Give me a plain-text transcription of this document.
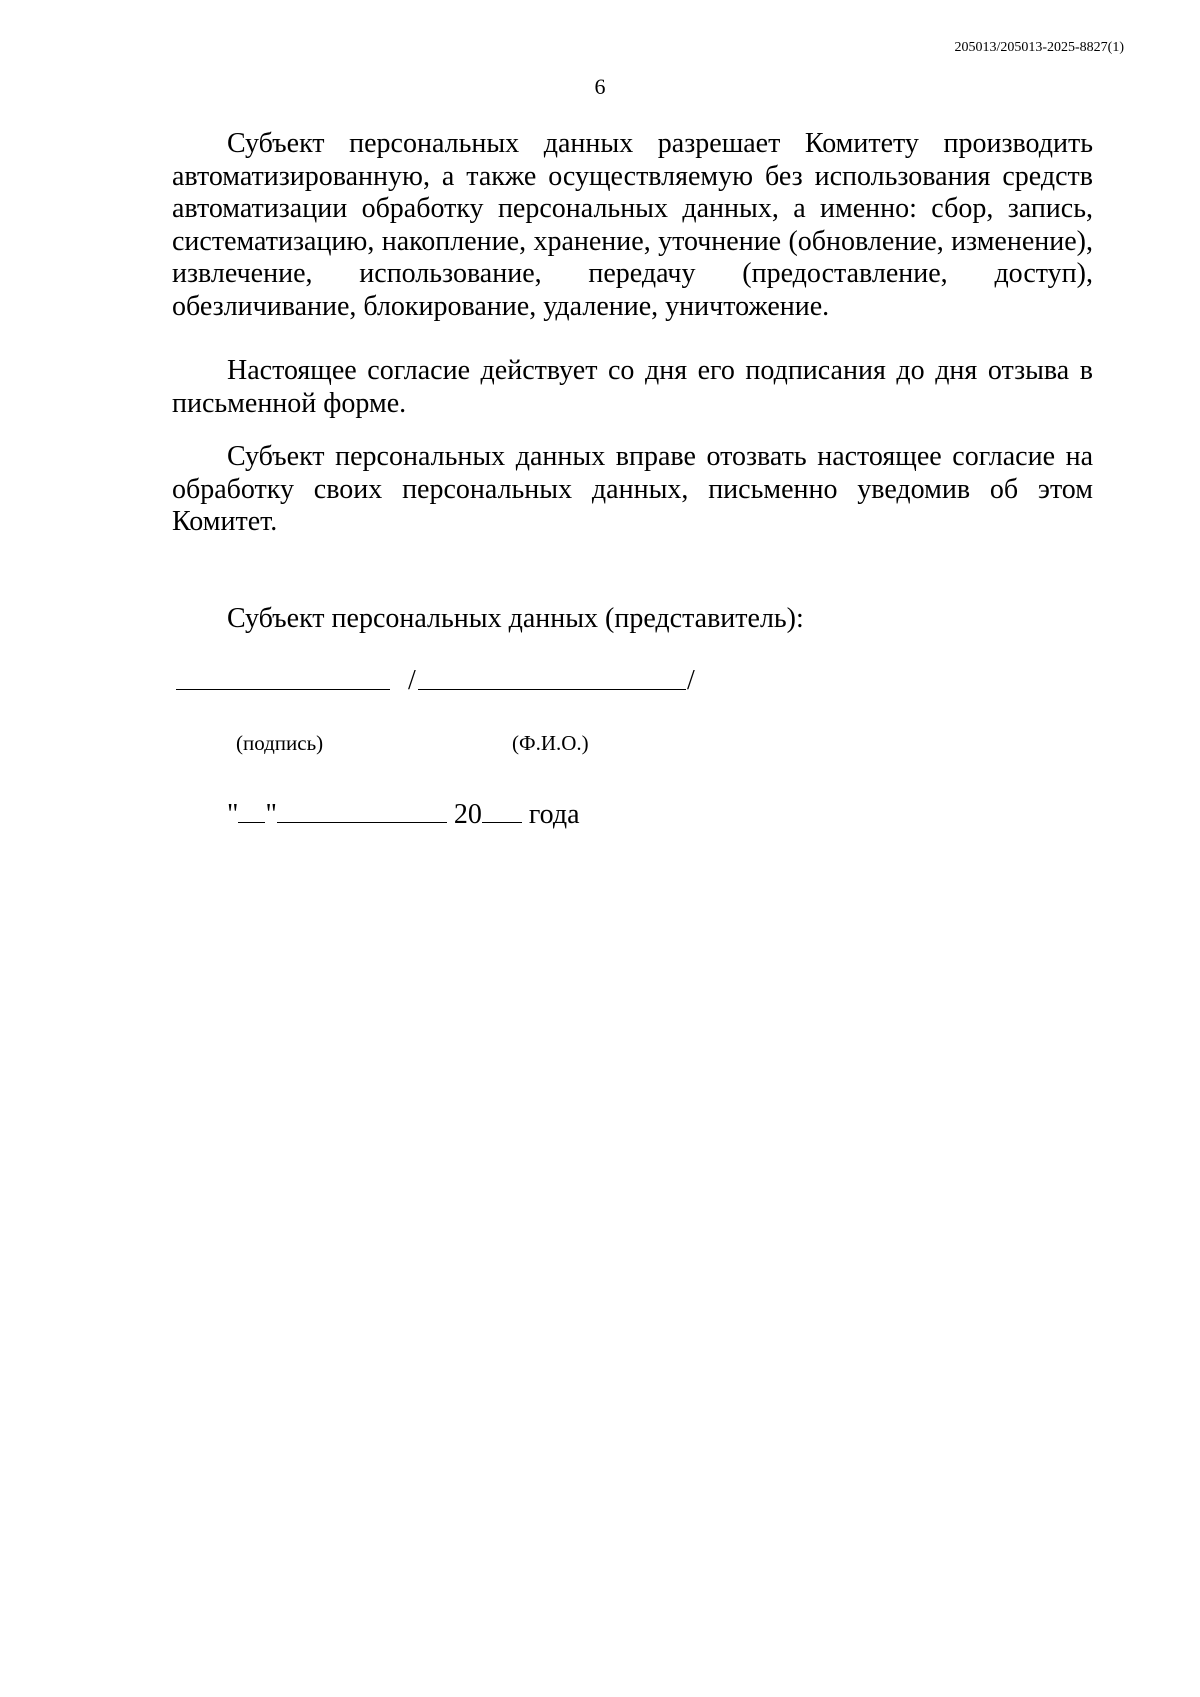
205013/205013-2025-8827(1)
6

Субъект персональных данных разрешает Комитету производить автоматизированную, а также осуществляемую без использования средств автоматизации обработку персональных данных, а именно: сбор, запись, систематизацию, накопление, хранение, уточнение (обновление, изменение), извлечение, использование, передачу (предоставление, доступ), обезличивание, блокирование, удаление, уничтожение.

Настоящее согласие действует со дня его подписания до дня отзыва в письменной форме.

Субъект персональных данных вправе отозвать настоящее согласие на обработку своих персональных данных, письменно уведомив об этом Комитет.

Субъект персональных данных (представитель):
/	/
(подпись)	(Ф.И.О.)
" "	20 года
